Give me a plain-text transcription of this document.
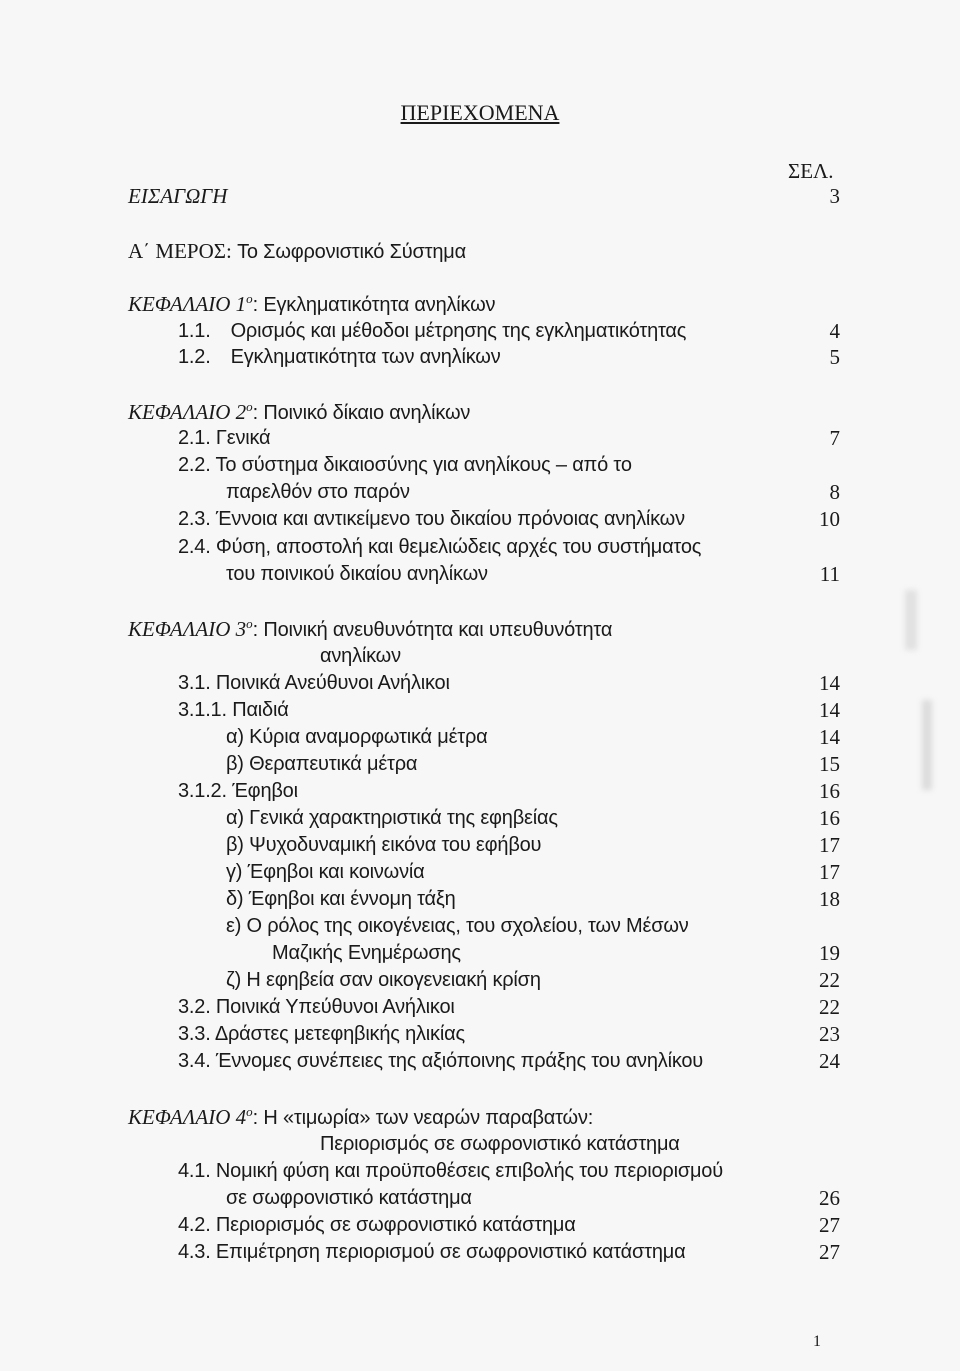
ΠΕΡΙΕΧΟΜΕΝΑ
ΣΕΛ.
ΕΙΣΑΓΩΓΗ	3
Α΄ ΜΕΡΟΣ: Το Σωφρονιστικό Σύστημα
ΚΕΦΑΛΑΙΟ $1^o$: Εγκληματικότητα ανηλίκων
1.1. Ορισμός και μέθοδοι μέτρησης της εγκληματικότητας	4
1.2. Εγκληματικότητα των ανηλίκων	5
ΚΕΦΑΛΑΙΟ $2^o$: Ποινικό δίκαιο ανηλίκων
2.1. Γενικά	7
2.2. Το σύστημα δικαιοσύνης για ανηλίκους – από το
παρελθόν στο παρόν	8
2.3. Έννοια και αντικείμενο του δικαίου πρόνοιας ανηλίκων	10
2.4. Φύση, αποστολή και θεμελιώδεις αρχές του συστήματος
του ποινικού δικαίου ανηλίκων	11
ΚΕΦΑΛΑΙΟ $3^o$: Ποινική ανευθυνότητα και υπευθυνότητα
ανηλίκων
3.1. Ποινικά Ανεύθυνοι Ανήλικοι	14
3.1.1. Παιδιά	14
α) Κύρια αναμορφωτικά μέτρα	14
β) Θεραπευτικά μέτρα	15
3.1.2. Έφηβοι	16
α) Γενικά χαρακτηριστικά της εφηβείας	16
β) Ψυχοδυναμική εικόνα του εφήβου	17
γ) Έφηβοι και κοινωνία	17
δ) Έφηβοι και έννομη τάξη	18
ε) Ο ρόλος της οικογένειας, του σχολείου, των Μέσων
Μαζικής Ενημέρωσης	19
ζ) Η εφηβεία σαν οικογενειακή κρίση	22
3.2. Ποινικά Υπεύθυνοι Ανήλικοι	22
3.3. Δράστες μετεφηβικής ηλικίας	23
3.4. Έννομες συνέπειες της αξιόποινης πράξης του ανηλίκου	24
ΚΕΦΑΛΑΙΟ $4^o$: Η «τιμωρία» των νεαρών παραβατών:
Περιορισμός σε σωφρονιστικό κατάστημα
4.1. Νομική φύση και προϋποθέσεις επιβολής του περιορισμού
σε σωφρονιστικό κατάστημα	26
4.2. Περιορισμός σε σωφρονιστικό κατάστημα	27
4.3. Επιμέτρηση περιορισμού σε σωφρονιστικό κατάστημα	27
1
